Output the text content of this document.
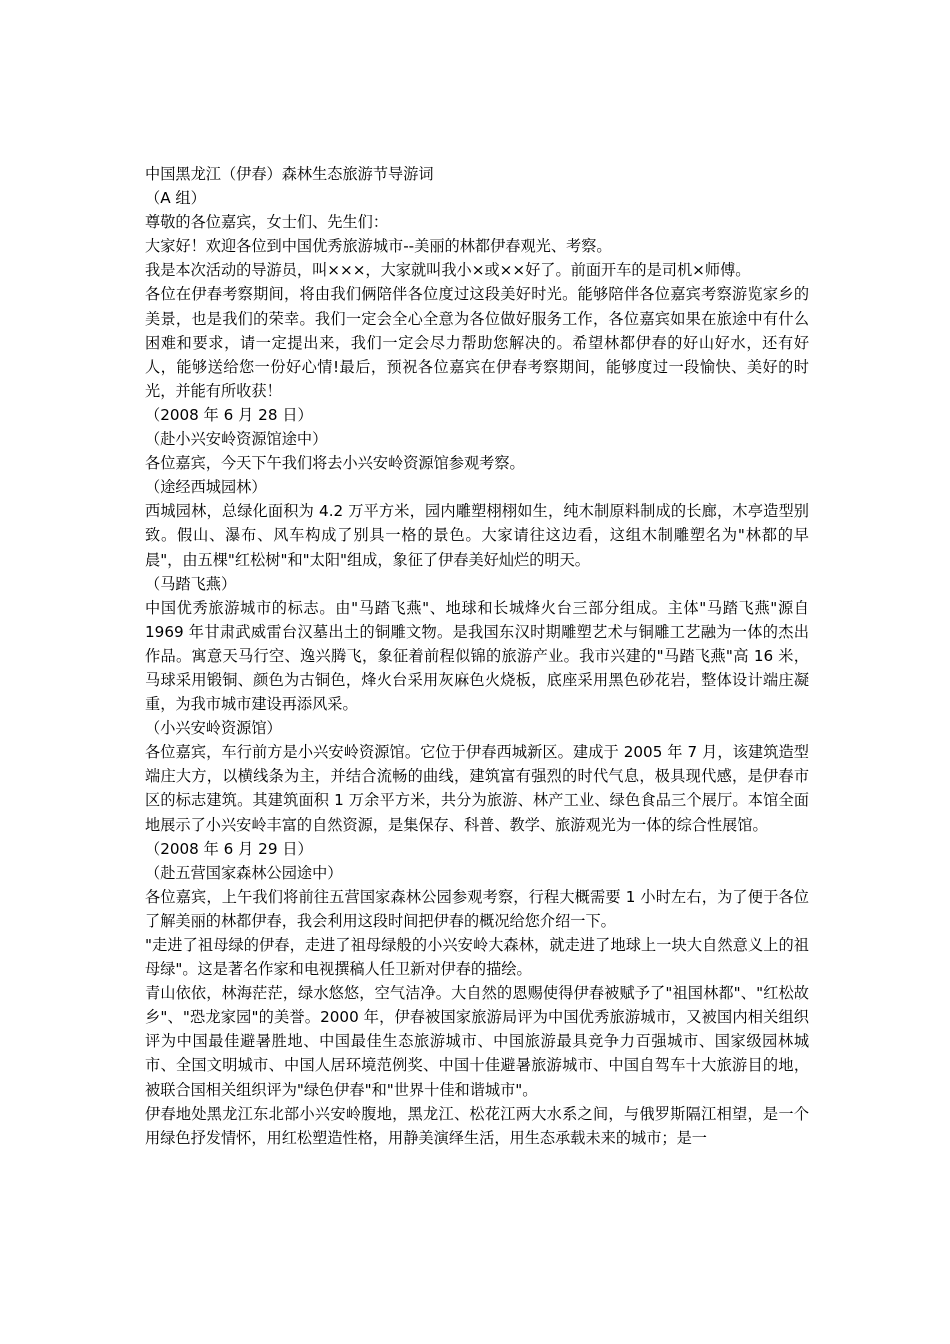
中国黑龙江（伊春）森林生态旅游节导游词
（A 组）
尊敬的各位嘉宾，女士们、先生们：
大家好！欢迎各位到中国优秀旅游城市--美丽的林都伊春观光、考察。
我是本次活动的导游员，叫×××，大家就叫我小×或××好了。前面开车的是司机×师傅。
各位在伊春考察期间，将由我们俩陪伴各位度过这段美好时光。能够陪伴各位嘉宾考察游览家乡的美景，也是我们的荣幸。我们一定会全心全意为各位做好服务工作，各位嘉宾如果在旅途中有什么困难和要求，请一定提出来，我们一定会尽力帮助您解决的。希望林都伊春的好山好水，还有好人，能够送给您一份好心情!最后，预祝各位嘉宾在伊春考察期间，能够度过一段愉快、美好的时光，并能有所收获！
（2008 年 6 月 28 日）
（赴小兴安岭资源馆途中）
各位嘉宾，今天下午我们将去小兴安岭资源馆参观考察。
（途经西城园林）
西城园林，总绿化面积为 4.2 万平方米，园内雕塑栩栩如生，纯木制原料制成的长廊，木亭造型别致。假山、瀑布、风车构成了别具一格的景色。大家请往这边看，这组木制雕塑名为"林都的早晨"，由五棵"红松树"和"太阳"组成，象征了伊春美好灿烂的明天。
（马踏飞燕）
中国优秀旅游城市的标志。由"马踏飞燕"、地球和长城烽火台三部分组成。主体"马踏飞燕"源自 1969 年甘肃武威雷台汉墓出土的铜雕文物。是我国东汉时期雕塑艺术与铜雕工艺融为一体的杰出作品。寓意天马行空、逸兴腾飞，象征着前程似锦的旅游产业。我市兴建的"马踏飞燕"高 16 米，马球采用锻铜、颜色为古铜色，烽火台采用灰麻色火烧板，底座采用黑色砂花岩，整体设计端庄凝重，为我市城市建设再添风采。
（小兴安岭资源馆）
各位嘉宾，车行前方是小兴安岭资源馆。它位于伊春西城新区。建成于 2005 年 7 月，该建筑造型端庄大方，以横线条为主，并结合流畅的曲线，建筑富有强烈的时代气息，极具现代感，是伊春市区的标志建筑。其建筑面积 1 万余平方米，共分为旅游、林产工业、绿色食品三个展厅。本馆全面地展示了小兴安岭丰富的自然资源，是集保存、科普、教学、旅游观光为一体的综合性展馆。
（2008 年 6 月 29 日）
（赴五营国家森林公园途中）
各位嘉宾，上午我们将前往五营国家森林公园参观考察，行程大概需要 1 小时左右，为了便于各位了解美丽的林都伊春，我会利用这段时间把伊春的概况给您介绍一下。
"走进了祖母绿的伊春，走进了祖母绿般的小兴安岭大森林，就走进了地球上一块大自然意义上的祖母绿"。这是著名作家和电视撰稿人任卫新对伊春的描绘。
青山依依，林海茫茫，绿水悠悠，空气洁净。大自然的恩赐使得伊春被赋予了"祖国林都"、"红松故乡"、"恐龙家园"的美誉。2000 年，伊春被国家旅游局评为中国优秀旅游城市，又被国内相关组织评为中国最佳避暑胜地、中国最佳生态旅游城市、中国旅游最具竞争力百强城市、国家级园林城市、全国文明城市、中国人居环境范例奖、中国十佳避暑旅游城市、中国自驾车十大旅游目的地，被联合国相关组织评为"绿色伊春"和"世界十佳和谐城市"。
伊春地处黑龙江东北部小兴安岭腹地，黑龙江、松花江两大水系之间，与俄罗斯隔江相望，是一个用绿色抒发情怀，用红松塑造性格，用静美演绎生活，用生态承载未来的城市；是一
